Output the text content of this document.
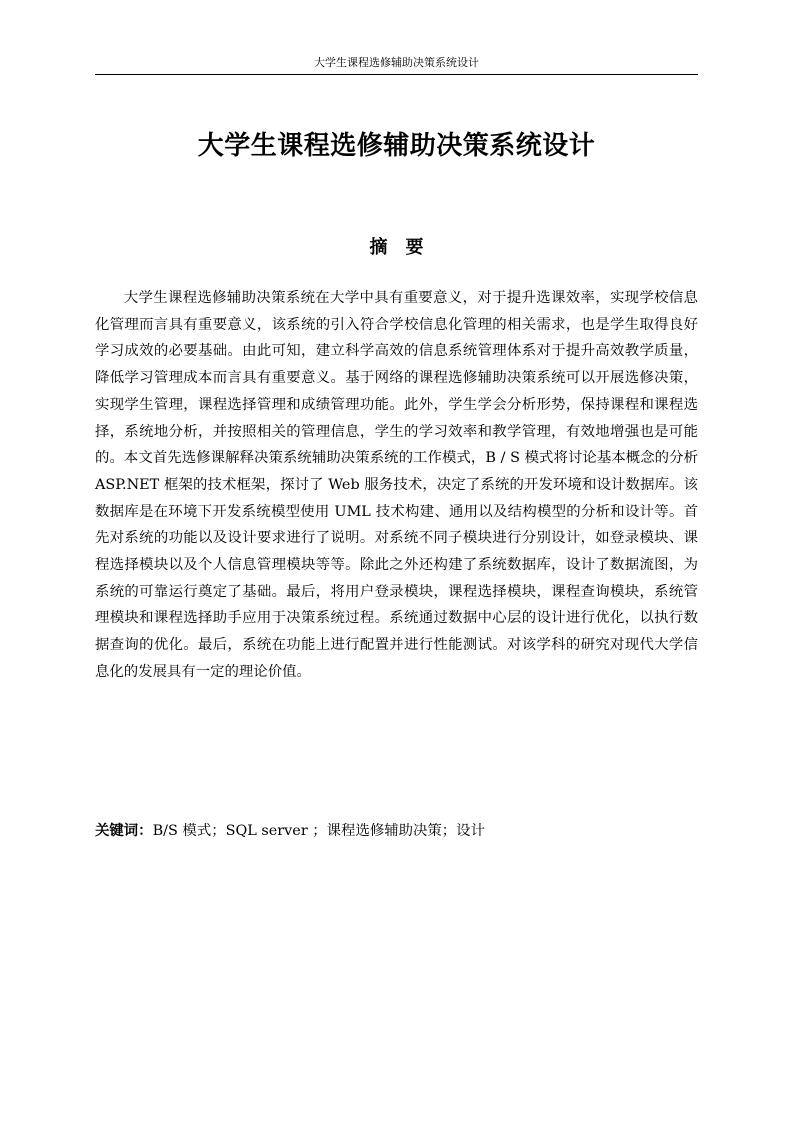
大学生课程选修辅助决策系统设计
大学生课程选修辅助决策系统设计
摘要

大学生课程选修辅助决策系统在大学中具有重要意义，对于提升选课效率，实现学校信息化管理而言具有重要意义，该系统的引入符合学校信息化管理的相关需求，也是学生取得良好学习成效的必要基础。由此可知，建立科学高效的信息系统管理体系对于提升高效教学质量，降低学习管理成本而言具有重要意义。基于网络的课程选修辅助决策系统可以开展选修决策，实现学生管理，课程选择管理和成绩管理功能。此外，学生学会分析形势，保持课程和课程选择，系统地分析，并按照相关的管理信息，学生的学习效率和教学管理，有效地增强也是可能的。本文首先选修课解释决策系统辅助决策系统的工作模式，B / S 模式将讨论基本概念的分析 ASP.NET 框架的技术框架，探讨了 Web 服务技术，决定了系统的开发环境和设计数据库。该数据库是在环境下开发系统模型使用 UML 技术构建、通用以及结构模型的分析和设计等。首先对系统的功能以及设计要求进行了说明。对系统不同子模块进行分别设计，如登录模块、课程选择模块以及个人信息管理模块等等。除此之外还构建了系统数据库，设计了数据流图，为系统的可靠运行奠定了基础。最后，将用户登录模块，课程选择模块，课程查询模块，系统管理模块和课程选择助手应用于决策系统过程。系统通过数据中心层的设计进行优化，以执行数据查询的优化。最后，系统在功能上进行配置并进行性能测试。对该学科的研究对现代大学信息化的发展具有一定的理论价值。

关键词：B/S 模式；SQL server ；课程选修辅助决策；设计
